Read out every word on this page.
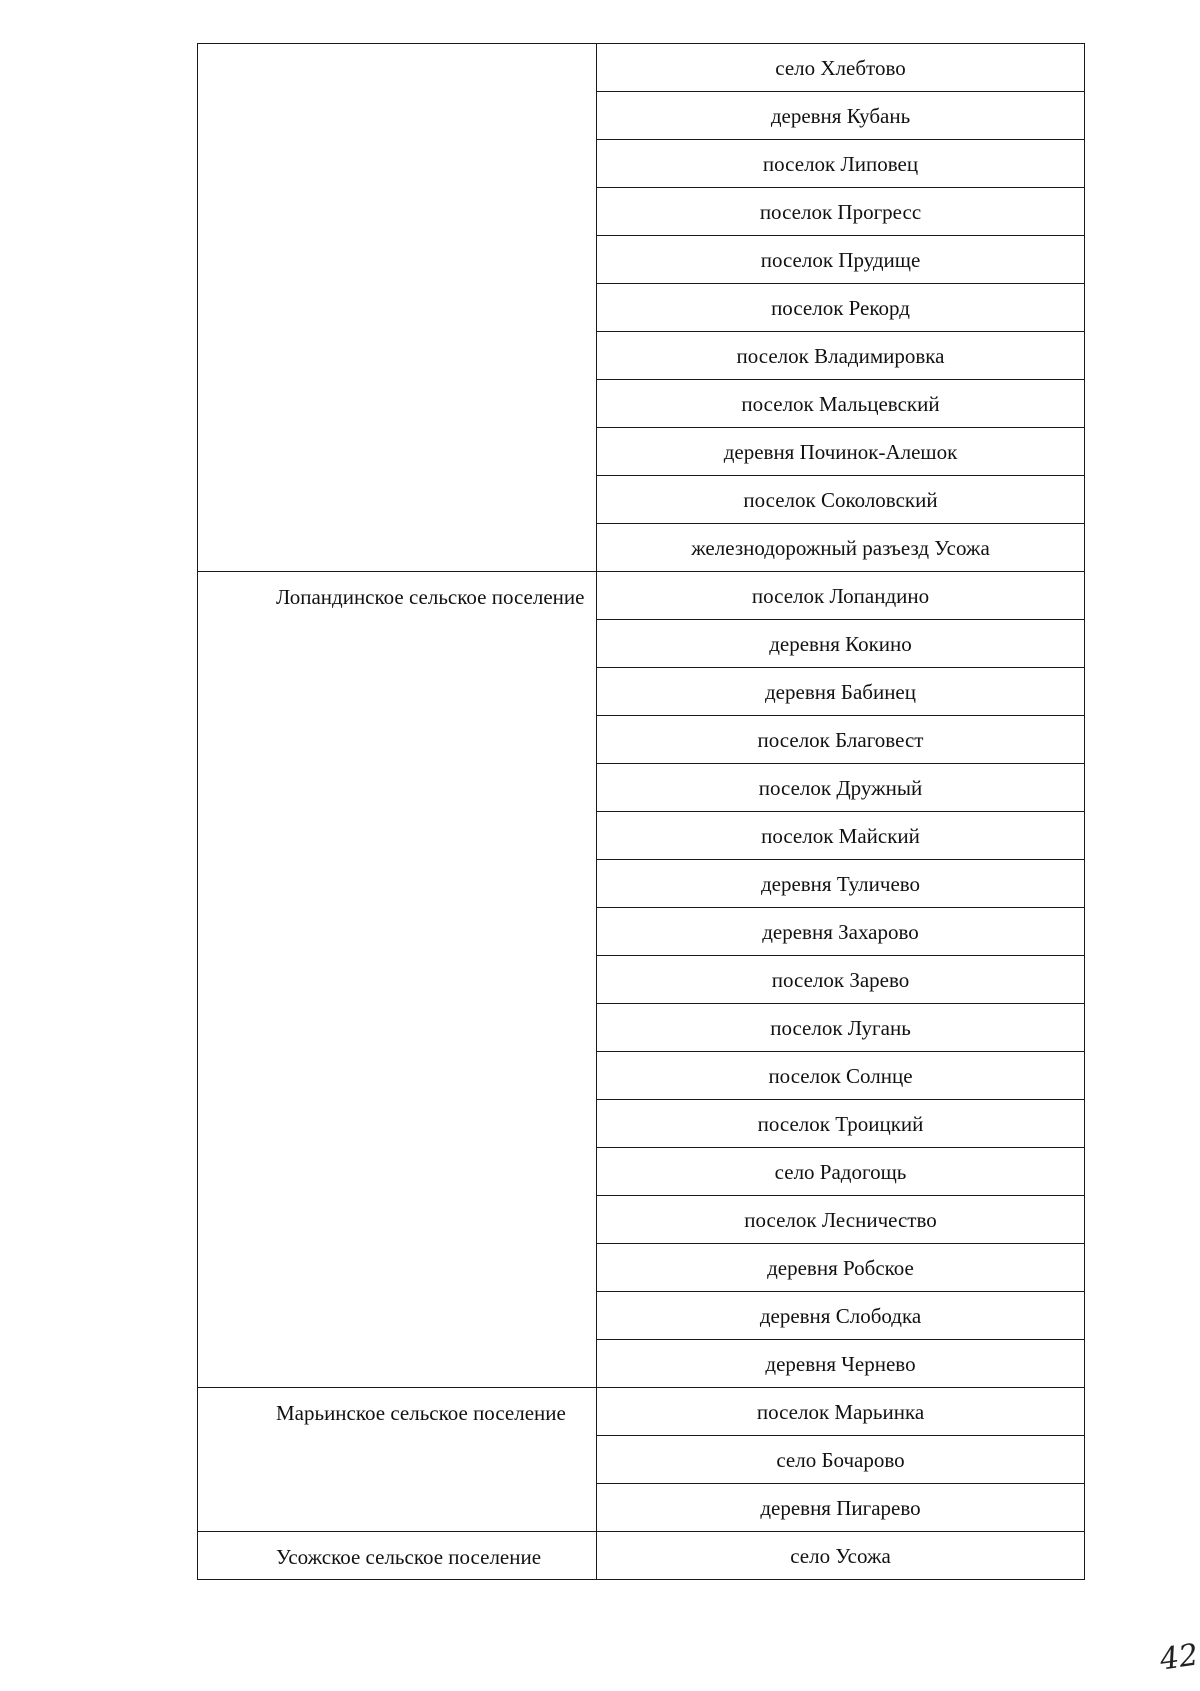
	село Хлебтово
	деревня Кубань
	поселок Липовец
	поселок Прогресс
	поселок Прудище
	поселок Рекорд
	поселок Владимировка
	поселок Мальцевский
	деревня Починок-Алешок
	поселок Соколовский
	железнодорожный разъезд Усожа

Лопандинское сельское поселение	поселок Лопандино
	деревня Кокино
	деревня Бабинец
	поселок Благовест
	поселок Дружный
	поселок Майский
	деревня Туличево
	деревня Захарово
	поселок Зарево
	поселок Лугань
	поселок Солнце
	поселок Троицкий
	село Радогощь
	поселок Лесничество
	деревня Робское
	деревня Слободка
	деревня Чернево

Марьинское сельское поселение	поселок Марьинка
	село Бочарово
	деревня Пигарево

Усожское сельское поселение	село Усожа
42
